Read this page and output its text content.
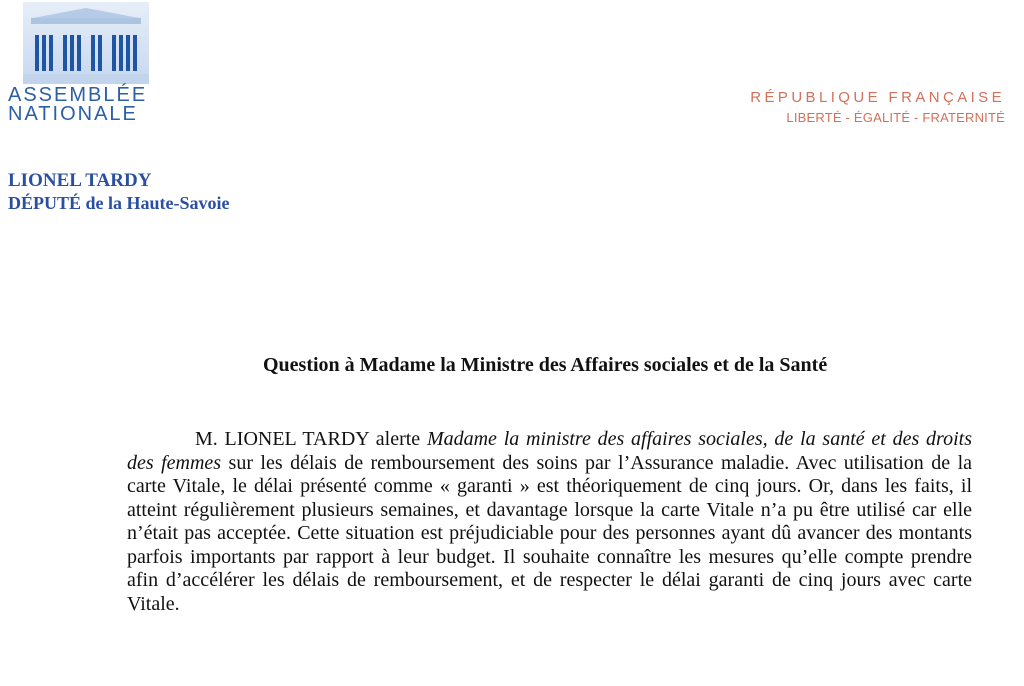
ASSEMBLÉE
NATIONALE
RÉPUBLIQUE FRANÇAISE
LIBERTÉ - ÉGALITÉ - FRATERNITÉ
LIONEL TARDY
DÉPUTÉ de la Haute-Savoie
Question à Madame la Ministre des Affaires sociales et de la Santé

M. LIONEL TARDY alerte Madame la ministre des affaires sociales, de la santé et des droits des femmes sur les délais de remboursement des soins par l’Assurance maladie. Avec utilisation de la carte Vitale, le délai présenté comme « garanti » est théoriquement de cinq jours. Or, dans les faits, il atteint régulièrement plusieurs semaines, et davantage lorsque la carte Vitale n’a pu être utilisé car elle n’était pas acceptée. Cette situation est préjudiciable pour des personnes ayant dû avancer des montants parfois importants par rapport à leur budget. Il souhaite connaître les mesures qu’elle compte prendre afin d’accélérer les délais de remboursement, et de respecter le délai garanti de cinq jours avec carte Vitale.
